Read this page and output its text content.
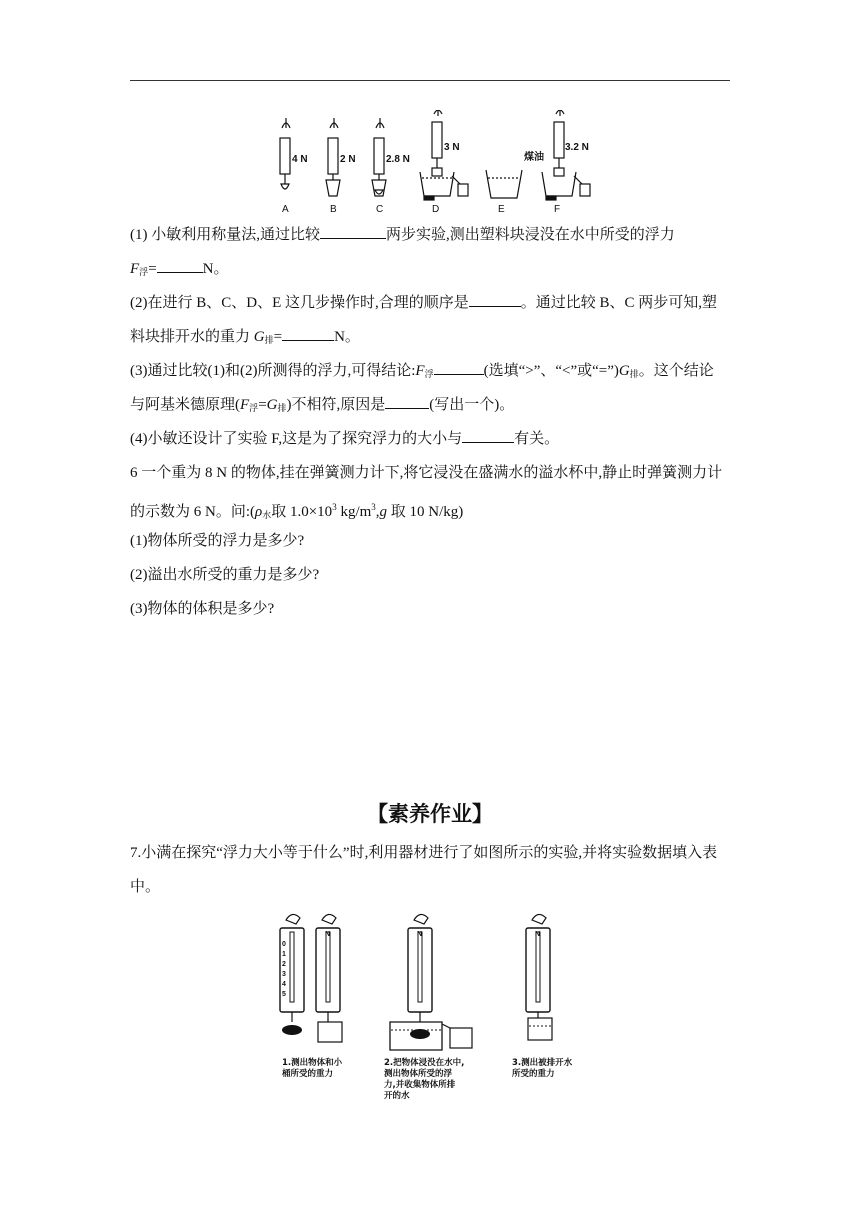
4 N	2 N	2.8 N
3 N	3.2 N
煤油
A	B	C	D	E	F
(1) 小敏利用称量法,通过比较	两步实验,测出塑料块浸没在水中所受的浮力
$F_浮=$	N。
(2)在进行 B、C、D、E 这几步操作时,合理的顺序是	。通过比较 B、C 两步可知,塑
料块排开水的重力 $G_排=$	N。
(3)通过比较(1)和(2)所测得的浮力,可得结论$:F_浮$	(选填“>”、“<”或“$=”)G_排$。这个结论
与阿基米德原理$(F_浮=G_排)$不相符,原因是	(写出一个)。
(4)小敏还设计了实验 F,这是为了探究浮力的大小与	有关。
6 一个重为 8 N 的物体,挂在弹簧测力计下,将它浸没在盛满水的溢水杯中,静止时弹簧测力计
的示数为 6 N。问$:(\rho_水$取 $1.0\times 10^3$ $kg/m^3,g$ 取 10 N/kg)
(1)物体所受的浮力是多少?
(2)溢出水所受的重力是多少?
(3)物体的体积是多少?
【素养作业】
7.小满在探究“浮力大小等于什么”时,利用器材进行了如图所示的实验,并将实验数据填入表
中。
0
1
2
3
4
5
N	N	N
1.测出物体和小
桶所受的重力
2.把物体浸没在水中,
测出物体所受的浮
力,并收集物体所排
开的水
3.测出被排开水
所受的重力
